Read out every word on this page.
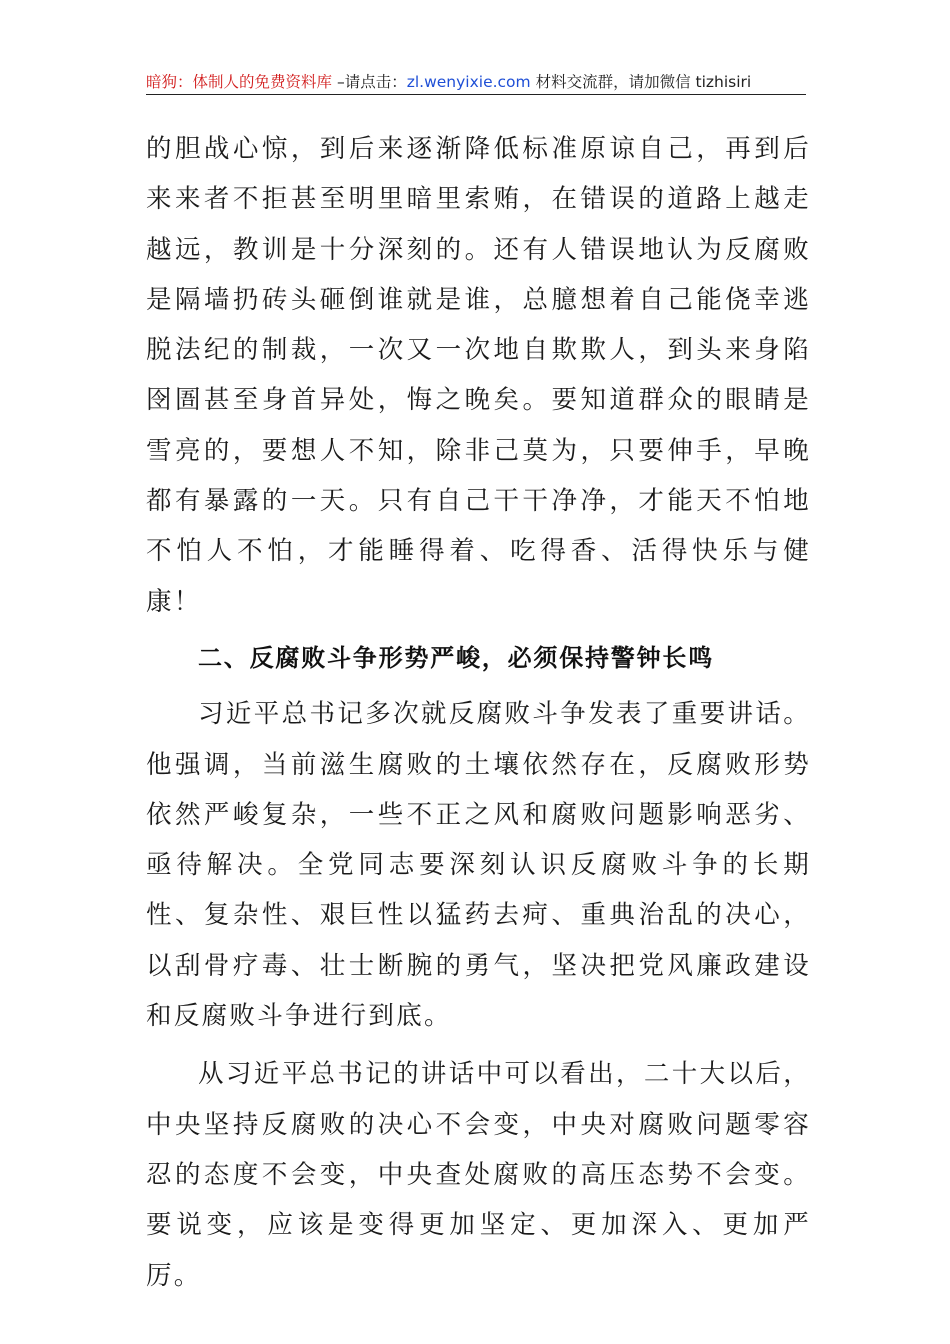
暗狗：体制人的免费资料库 –请点击：zl.wenyixie.com 材料交流群，请加微信 tizhisiri

的胆战心惊，到后来逐渐降低标准原谅自己，再到后来来者不拒甚至明里暗里索贿，在错误的道路上越走越远，教训是十分深刻的。还有人错误地认为反腐败是隔墙扔砖头砸倒谁就是谁，总臆想着自己能侥幸逃脱法纪的制裁，一次又一次地自欺欺人，到头来身陷囹圄甚至身首异处，悔之晚矣。要知道群众的眼睛是雪亮的，要想人不知，除非己莫为，只要伸手，早晚都有暴露的一天。只有自己干干净净，才能天不怕地不怕人不怕，才能睡得着、吃得香、活得快乐与健康！

二、反腐败斗争形势严峻，必须保持警钟长鸣

习近平总书记多次就反腐败斗争发表了重要讲话。他强调，当前滋生腐败的土壤依然存在，反腐败形势依然严峻复杂，一些不正之风和腐败问题影响恶劣、亟待解决。全党同志要深刻认识反腐败斗争的长期性、复杂性、艰巨性以猛药去疴、重典治乱的决心，以刮骨疗毒、壮士断腕的勇气，坚决把党风廉政建设和反腐败斗争进行到底。

从习近平总书记的讲话中可以看出，二十大以后，中央坚持反腐败的决心不会变，中央对腐败问题零容忍的态度不会变，中央查处腐败的高压态势不会变。要说变，应该是变得更加坚定、更加深入、更加严厉。
